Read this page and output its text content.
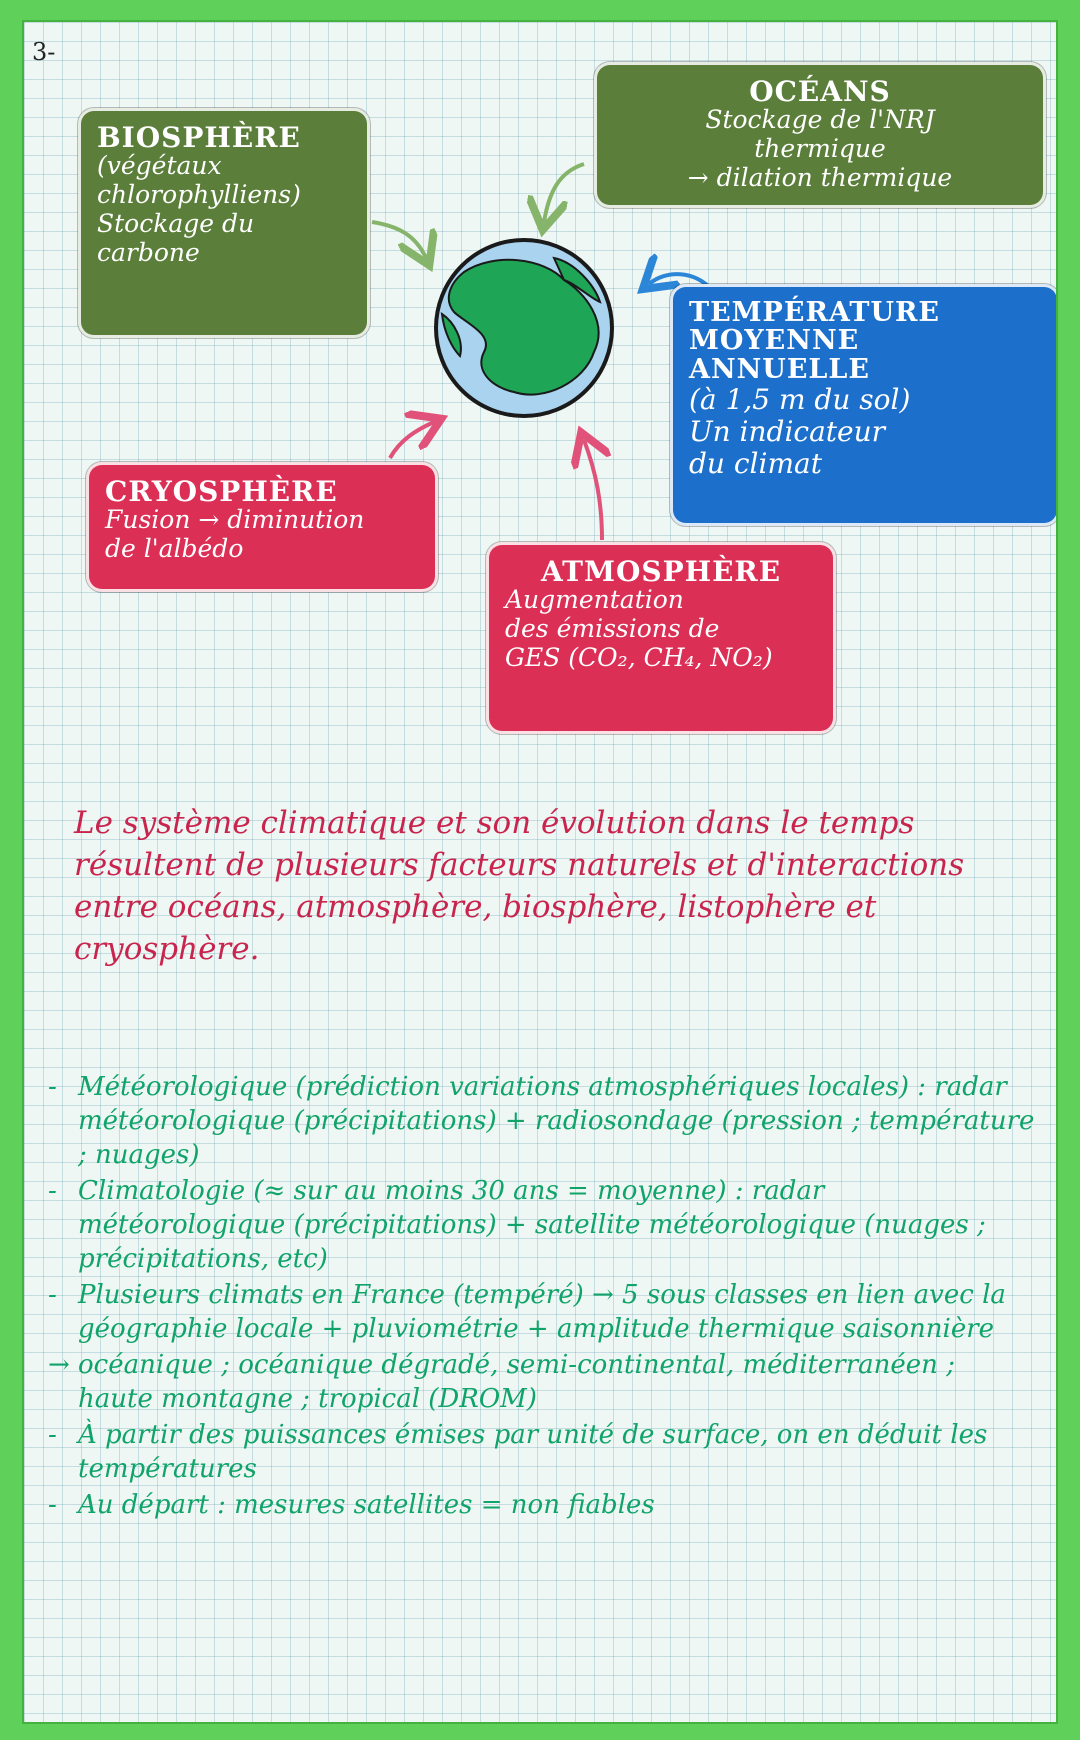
3-
BIOSPHÈRE
(végétaux
chlorophylliens)
Stockage du
carbone
OCÉANS
Stockage de l'NRJ
thermique
→ dilation thermique
TEMPÉRATURE
MOYENNE ANNUELLE
(à 1,5 m du sol)
Un indicateur
du climat
CRYOSPHÈRE
Fusion → diminution
de l'albédo
ATMOSPHÈRE
Augmentation
des émissions de
GES (CO₂, CH₄, NO₂)
Le système climatique et son évolution dans le temps résultent de plusieurs facteurs naturels et d'interactions entre océans, atmosphère, biosphère, listophère et cryosphère.
- Météorologique (prédiction variations atmosphériques locales) : radar météorologique (précipitations) + radiosondage (pression ; température ; nuages)
- Climatologie (≈ sur au moins 30 ans = moyenne) : radar météorologique (précipitations) + satellite météorologique (nuages ; précipitations, etc)
- Plusieurs climats en France (tempéré) → 5 sous classes en lien avec la géographie locale + pluviométrie + amplitude thermique saisonnière
→ océanique ; océanique dégradé, semi-continental, méditerranéen ; haute montagne ; tropical (DROM)
- À partir des puissances émises par unité de surface, on en déduit les températures
- Au départ : mesures satellites = non fiables
